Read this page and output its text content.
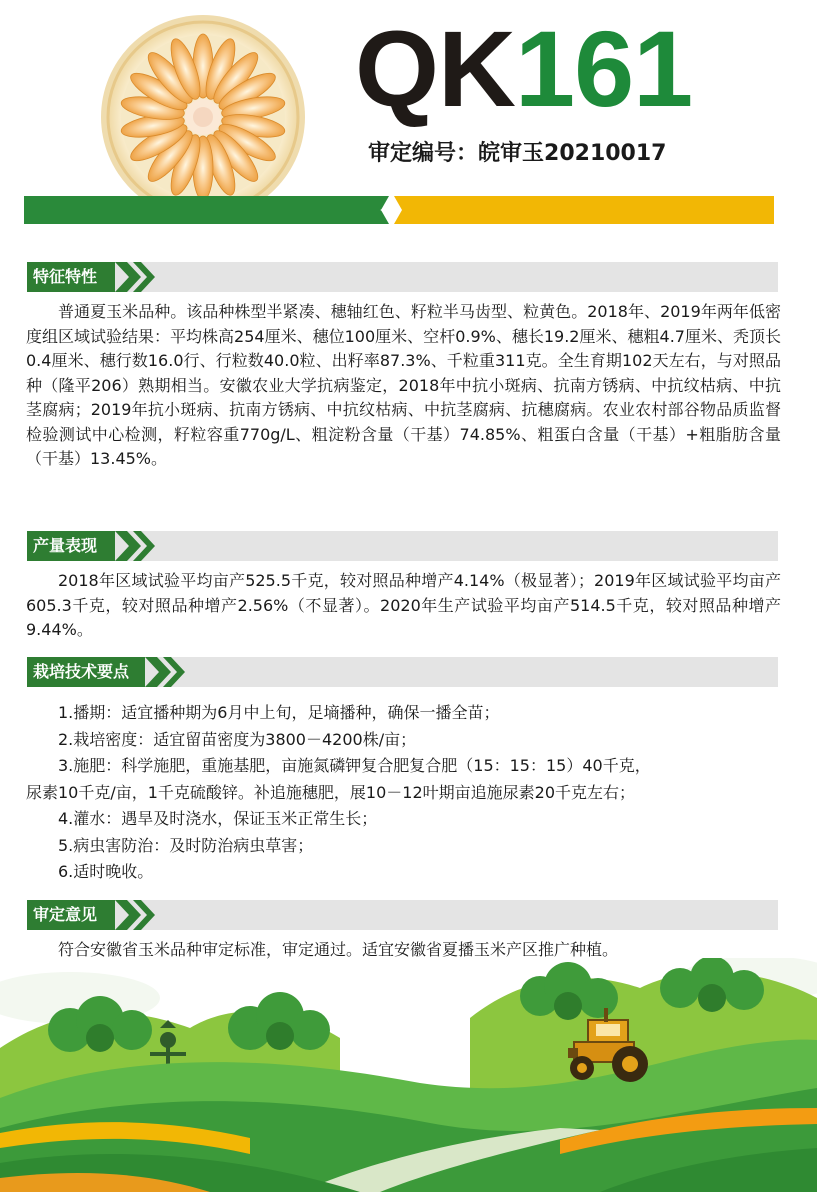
QK161
审定编号：皖审玉20210017
特征特性
普通夏玉米品种。该品种株型半紧凑、穗轴红色、籽粒半马齿型、粒黄色。2018年、2019年两年低密度组区域试验结果：平均株高254厘米、穗位100厘米、空杆0.9%、穗长19.2厘米、穗粗4.7厘米、秃顶长0.4厘米、穗行数16.0行、行粒数40.0粒、出籽率87.3%、千粒重311克。全生育期102天左右，与对照品种（隆平206）熟期相当。安徽农业大学抗病鉴定，2018年中抗小斑病、抗南方锈病、中抗纹枯病、中抗茎腐病；2019年抗小斑病、抗南方锈病、中抗纹枯病、中抗茎腐病、抗穗腐病。农业农村部谷物品质监督检验测试中心检测，籽粒容重770g/L、粗淀粉含量（干基）74.85%、粗蛋白含量（干基）+粗脂肪含量（干基）13.45%。
产量表现
2018年区域试验平均亩产525.5千克，较对照品种增产4.14%（极显著）；2019年区域试验平均亩产605.3千克，较对照品种增产2.56%（不显著）。2020年生产试验平均亩产514.5千克，较对照品种增产9.44%。
栽培技术要点
1.播期：适宜播种期为6月中上旬，足墒播种，确保一播全苗；
2.栽培密度：适宜留苗密度为3800－4200株/亩；
3.施肥：科学施肥，重施基肥，亩施氮磷钾复合肥复合肥（15：15：15）40千克，
尿素10千克/亩，1千克硫酸锌。补追施穗肥，展10－12叶期亩追施尿素20千克左右；
4.灌水：遇旱及时浇水，保证玉米正常生长；
5.病虫害防治：及时防治病虫草害；
6.适时晚收。
审定意见
符合安徽省玉米品种审定标准，审定通过。适宜安徽省夏播玉米产区推广种植。
